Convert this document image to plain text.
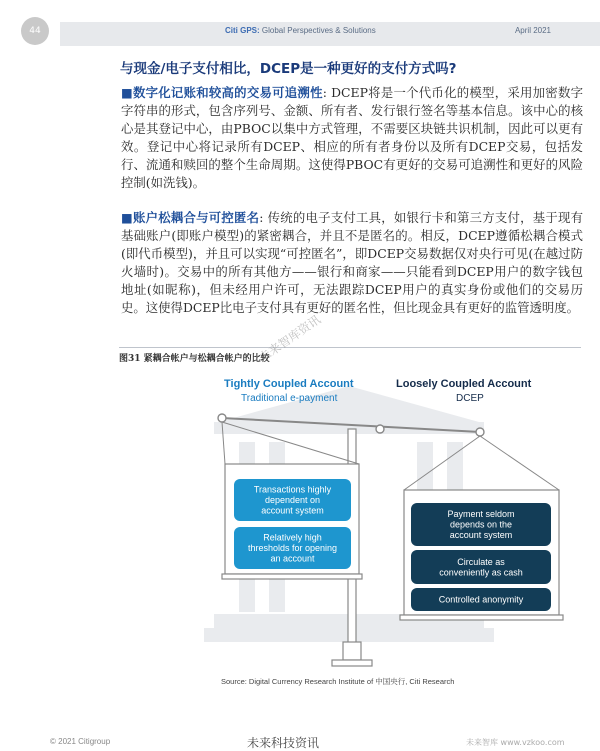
44	Citi GPS: Global Perspectives & Solutions	April 2021
与现金/电子支付相比，DCEP是一种更好的支付方式吗?
■数字化记账和较高的交易可追溯性: DCEP将是一个代币化的模型，采用加密数字字符串的形式，包含序列号、金额、所有者、发行银行签名等基本信息。该中心的核心是其登记中心，由PBOC以集中方式管理，不需要区块链共识机制，因此可以更有效。登记中心将记录所有DCEP、相应的所有者身份以及所有DCEP交易，包括发行、流通和赎回的整个生命周期。这使得PBOC有更好的交易可追溯性和更好的风险控制(如洗钱)。
■账户松耦合与可控匿名: 传统的电子支付工具，如银行卡和第三方支付，基于现有基础账户(即账户模型)的紧密耦合，并且不是匿名的。相反，DCEP遵循松耦合模式(即代币模型)，并且可以实现“可控匿名”，即DCEP交易数据仅对央行可见(在越过防火墙时)。交易中的所有其他方——银行和商家——只能看到DCEP用户的数字钱包地址(如昵称)，但未经用户许可，无法跟踪DCEP用户的真实身份或他们的交易历史。这使得DCEP比电子支付具有更好的匿名性，但比现金具有更好的监管透明度。
图31 紧耦合帐户与松耦合帐户的比较
Tightly Coupled Account
Traditional e-payment
Loosely Coupled Account
DCEP
Transactions highly
dependent on
account system
Relatively high
thresholds for opening
an account
Payment seldom
depends on the
account system
Circulate as
conveniently as cash
Controlled anonymity
未来智库资讯
Source: Digital Currency Research Institute of 中国央行, Citi Research
© 2021 Citigroup	未来科技资讯	未来智库 www.vzkoo.com
